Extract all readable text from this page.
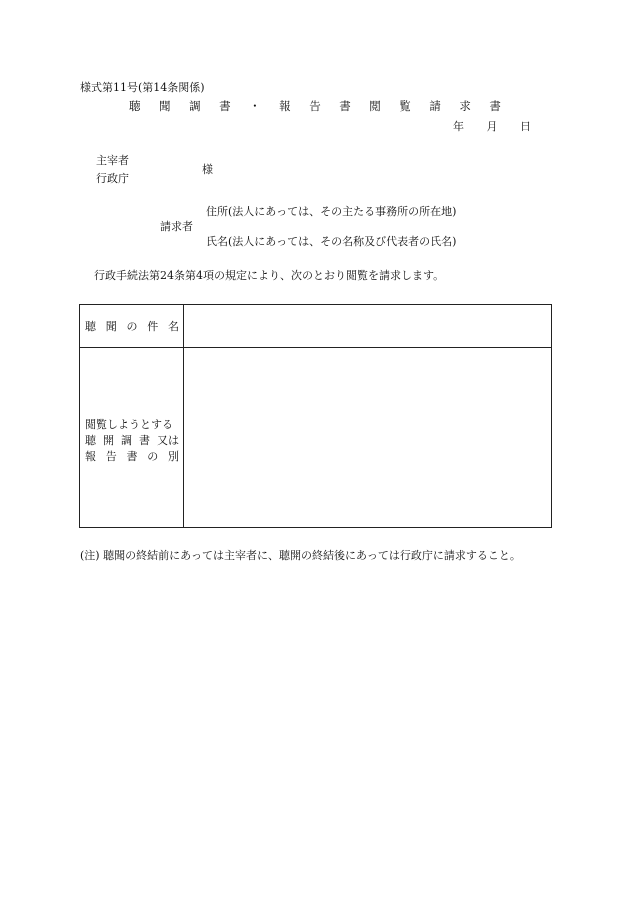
様式第11号(第14条関係)
聴 聞 調 書 ・ 報 告 書 閲 覧 請 求 書
年 月 日
主宰者
行政庁
様
請求者
住所(法人にあっては、その主たる事務所の所在地)
氏名(法人にあっては、その名称及び代表者の氏名)
行政手続法第24条第4項の規定により、次のとおり閲覧を請求します。
聴 聞 の 件 名
閲覧しようとする
聴 開 調 書 又は
報 告 書 の 別
(注) 聴聞の終結前にあっては主宰者に、聴開の終結後にあっては行政庁に請求すること。
